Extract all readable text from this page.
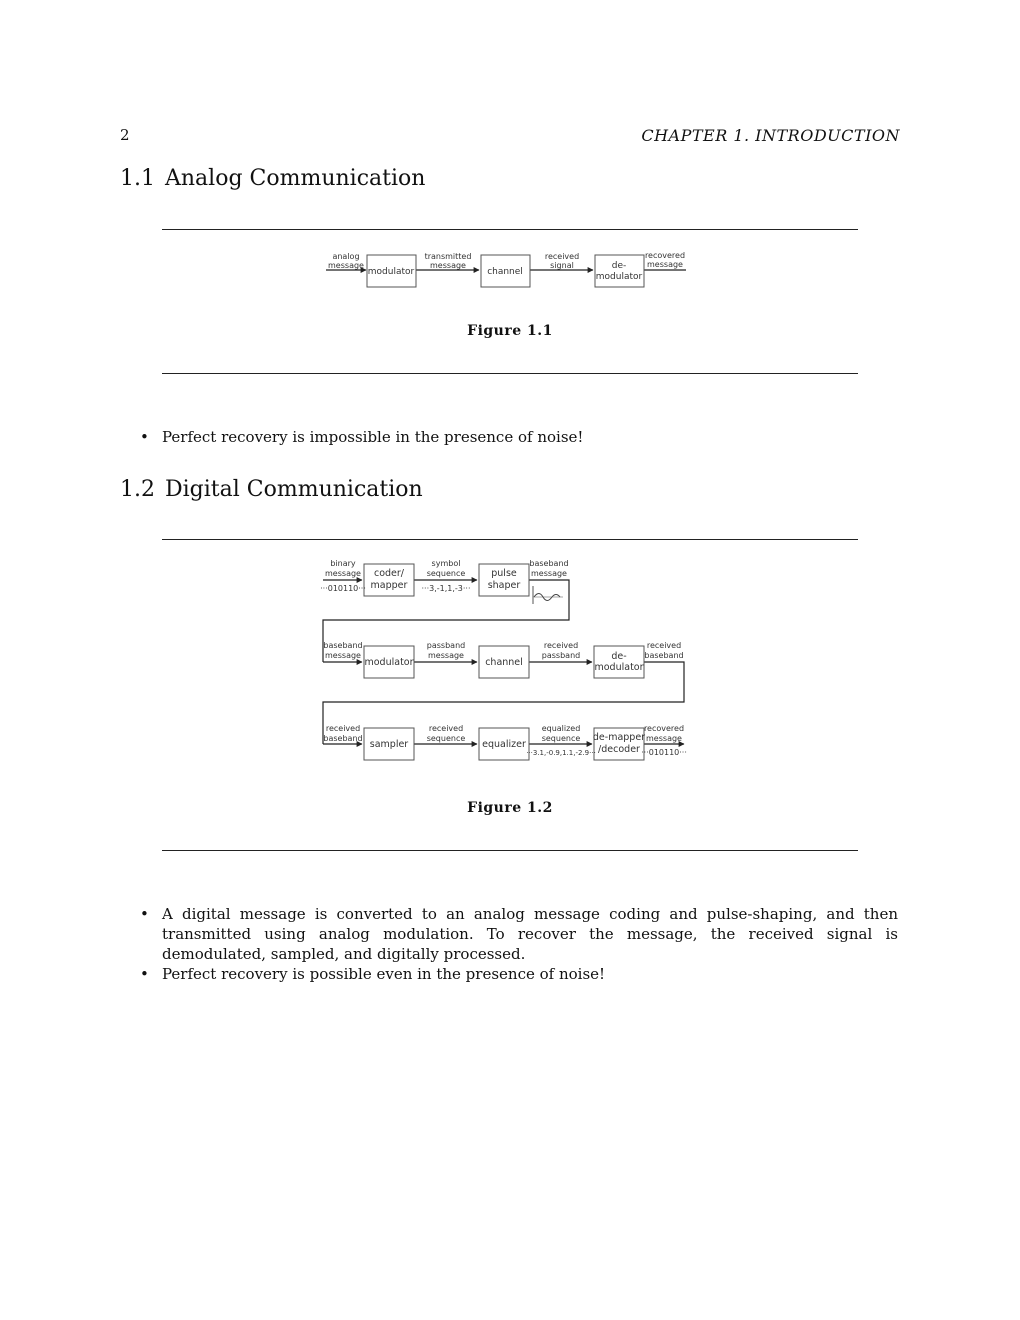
2	CHAPTER 1. INTRODUCTION
1.1 Analog Communication
modulator	channel
de-
modulator
analog
message
transmitted
message
received
signal
recovered
message
Figure 1.1
• Perfect recovery is impossible in the presence of noise!
1.2 Digital Communication
coder/
mapper
pulse
shaper
binary
message
···010110···
symbol
sequence
···3,-1,1,-3···
baseband
message
modulator	channel
de-
modulator
baseband
message
passband
message
received
passband
received
baseband
sampler	equalizer
de-mapper
/decoder
received
baseband
received
sequence
equalized
sequence
···3.1,-0.9,1.1,-2.9···
recovered
message
···010110···
Figure 1.2
• A digital message is converted to an analog message coding and pulse-shaping, and then transmitted using analog modulation. To recover the message, the received signal is demodulated, sampled, and digitally processed.
• Perfect recovery is possible even in the presence of noise!
